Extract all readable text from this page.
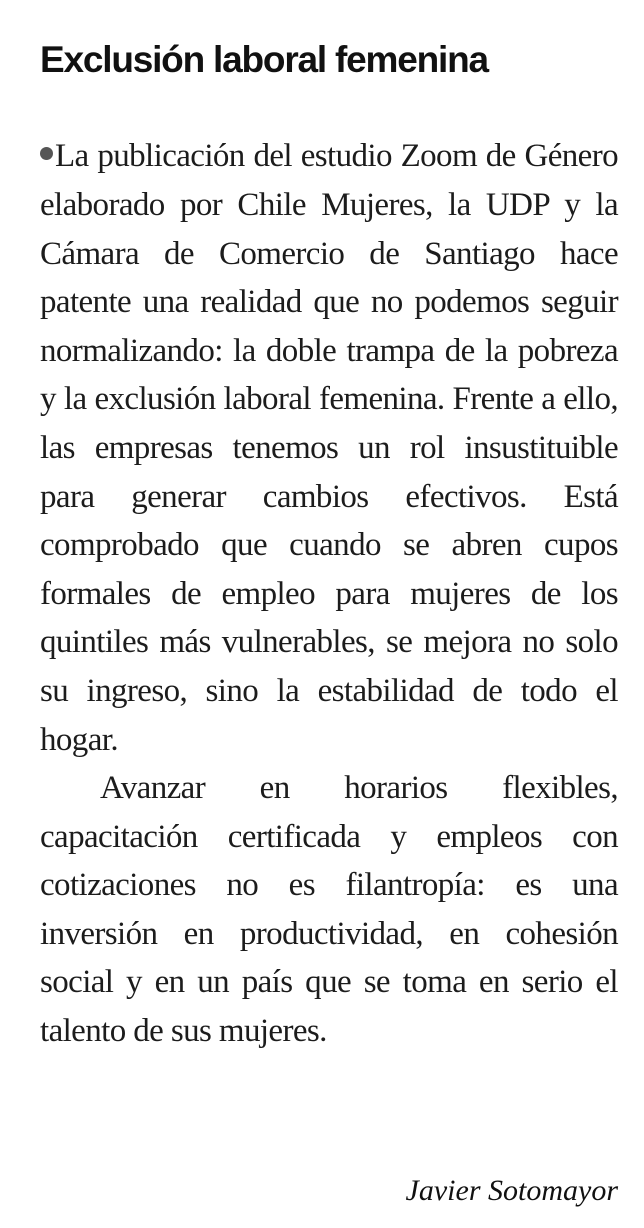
Exclusión laboral femenina

La publicación del estudio Zoom de Género elaborado por Chile Mujeres, la UDP y la Cámara de Comercio de Santiago hace patente una realidad que no podemos seguir normalizando: la doble trampa de la pobreza y la exclusión laboral femenina. Frente a ello, las empresas tenemos un rol insustituible para generar cambios efectivos. Está comprobado que cuando se abren cupos formales de empleo para mujeres de los quintiles más vulnerables, se mejora no solo su ingreso, sino la estabilidad de todo el hogar.

Avanzar en horarios flexibles, capacitación certificada y empleos con cotizaciones no es filantropía: es una inversión en productividad, en cohesión social y en un país que se toma en serio el talento de sus mujeres.

Javier Sotomayor
